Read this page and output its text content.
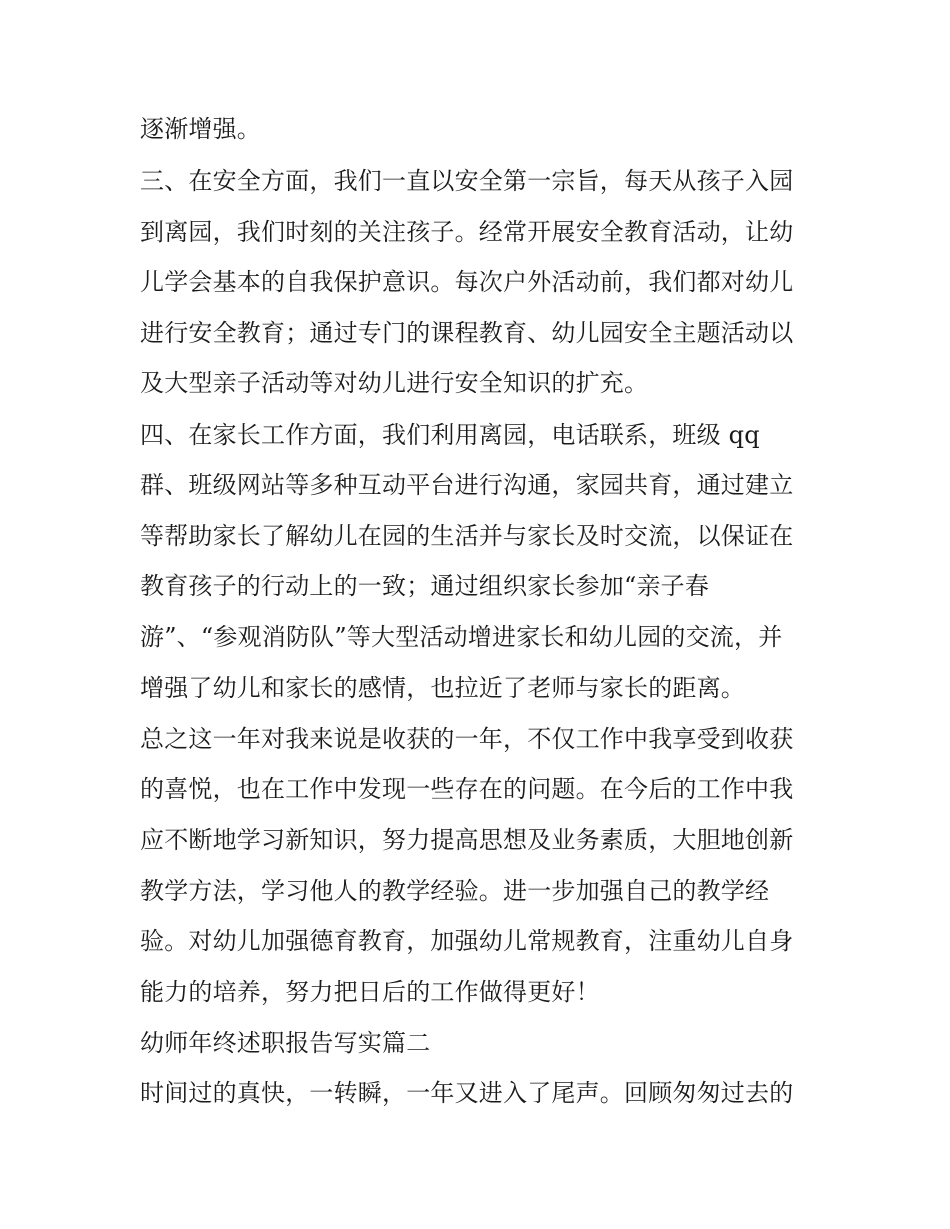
逐渐增强。
三、在安全方面，我们一直以安全第一宗旨，每天从孩子入园
到离园，我们时刻的关注孩子。经常开展安全教育活动，让幼
儿学会基本的自我保护意识。每次户外活动前，我们都对幼儿
进行安全教育；通过专门的课程教育、幼儿园安全主题活动以
及大型亲子活动等对幼儿进行安全知识的扩充。
四、在家长工作方面，我们利用离园，电话联系，班级 qq
群、班级网站等多种互动平台进行沟通，家园共育，通过建立
等帮助家长了解幼儿在园的生活并与家长及时交流，以保证在
教育孩子的行动上的一致；通过组织家长参加“亲子春
游”、“参观消防队”等大型活动增进家长和幼儿园的交流，并
增强了幼儿和家长的感情，也拉近了老师与家长的距离。
总之这一年对我来说是收获的一年，不仅工作中我享受到收获
的喜悦，也在工作中发现一些存在的问题。在今后的工作中我
应不断地学习新知识，努力提高思想及业务素质，大胆地创新
教学方法，学习他人的教学经验。进一步加强自己的教学经
验。对幼儿加强德育教育，加强幼儿常规教育，注重幼儿自身
能力的培养，努力把日后的工作做得更好！
幼师年终述职报告写实篇二
时间过的真快，一转瞬，一年又进入了尾声。回顾匆匆过去的
